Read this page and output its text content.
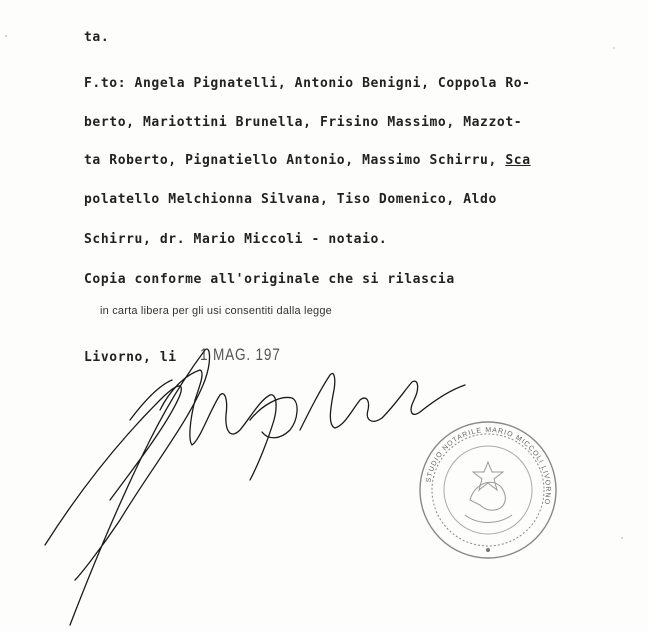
ta.
F.to: Angela Pignatelli, Antonio Benigni, Coppola Ro-
berto, Mariottini Brunella, Frisino Massimo, Mazzot-
ta Roberto, Pignatiello Antonio, Massimo Schirru, Sca
polatello Melchionna Silvana, Tiso Domenico, Aldo
Schirru, dr. Mario Miccoli - notaio.
Copia conforme all'originale che si rilascia
in carta libera per gli usi consentiti dalla legge
Livorno, li 1 MAG. 197
STUDIO NOTARILE MARIO MICCOLI LIVORNO
